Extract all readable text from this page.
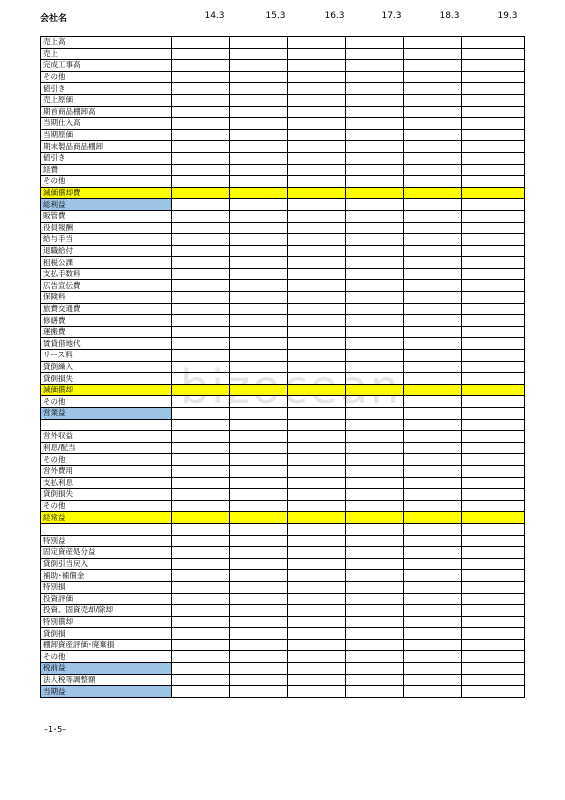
会社名	14.3	15.3	16.3	17.3	18.3	19.3
売上高						
売上						
完成工事高						
その他						
値引き						
売上原価						
期首商品棚卸高						
当期仕入高						
当期原価						
期末製品商品棚卸						
値引き						
経費						
その他						
減価償却費						
総利益						
販管費						
役員報酬						
給与手当						
退職給付						
租税公課						
支払手数料						
広告宣伝費						
保険料						
旅費交通費						
修繕費						
運搬費						
賃貸借地代						
リース料						
貸倒繰入						
貸倒損失						
減価償却						
その他						
営業益						

営外収益						
利息/配当						
その他						
営外費用						
支払利息						
貸倒損失						
その他						
経常益						

特別益						
固定資産処分益						
貸倒引当戻入						
補助･補償金						
特別損						
投資評価						
投資、固資売却/除却						
特別償却						
貸倒損						
棚卸資産評価･廃棄損						
その他						
税前益						
法人税等調整額						
当期益						
–1･5–
